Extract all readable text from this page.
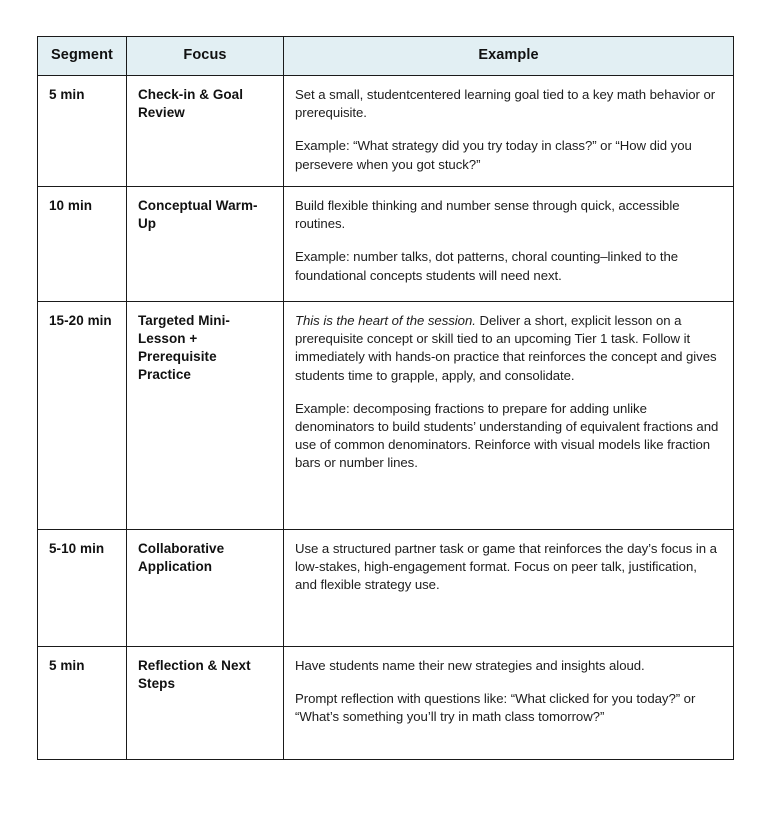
Segment	Focus	Example
5 min	Check-in & Goal Review	Set a small, studentcentered learning goal tied to a key math behavior or prerequisite.

Example: “What strategy did you try today in class?” or “How did you persevere when you got stuck?”

10 min	Conceptual Warm-Up	Build flexible thinking and number sense through quick, accessible routines.

Example: number talks, dot patterns, choral counting–linked to the foundational concepts students will need next.

15-20 min	Targeted Mini-Lesson + Prerequisite Practice	This is the heart of the session. Deliver a short, explicit lesson on a prerequisite concept or skill tied to an upcoming Tier 1 task. Follow it immediately with hands-on practice that reinforces the concept and gives students time to grapple, apply, and consolidate.

Example: decomposing fractions to prepare for adding unlike denominators to build students’ understanding of equivalent fractions and use of common denominators. Reinforce with visual models like fraction bars or number lines.

5-10 min	Collaborative Application	Use a structured partner task or game that reinforces the day’s focus in a low-stakes, high-engagement format. Focus on peer talk, justification, and flexible strategy use.

5 min	Reflection & Next Steps	Have students name their new strategies and insights aloud.

Prompt reflection with questions like: “What clicked for you today?” or “What’s something you’ll try in math class tomorrow?”
